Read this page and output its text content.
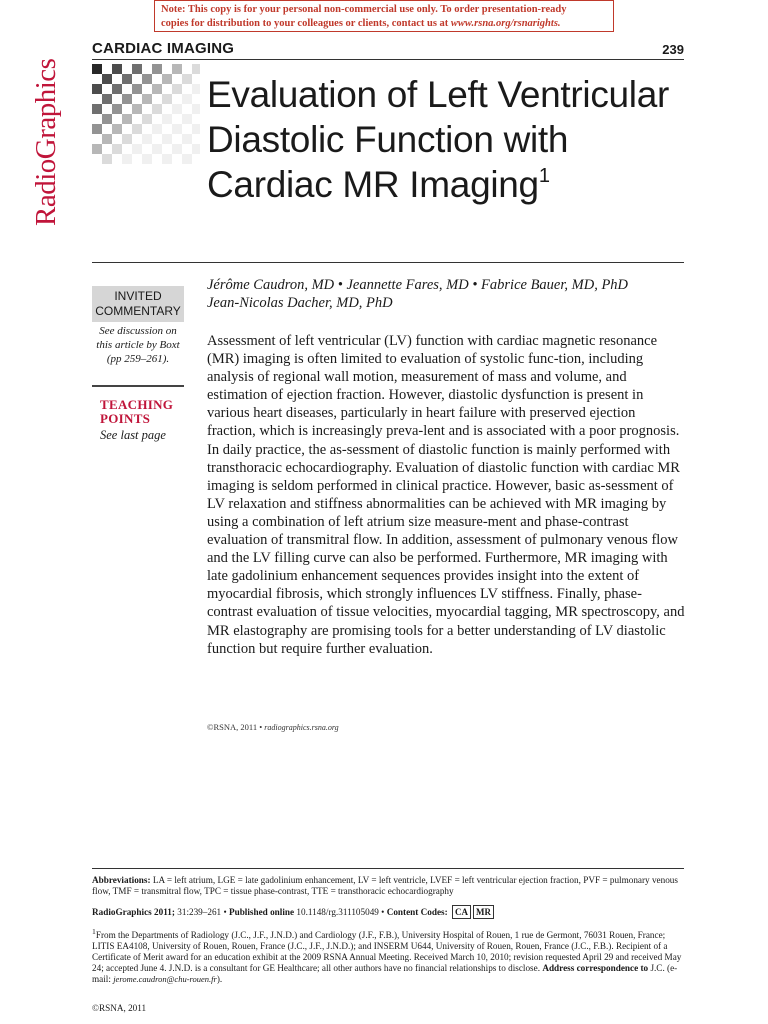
Note: This copy is for your personal non-commercial use only. To order presentation-ready
copies for distribution to your colleagues or clients, contact us at www.rsna.org/rsnarights.
RadioGraphics
CARDIAC IMAGING	239
Evaluation of Left Ventricular Diastolic Function with Cardiac MR Imaging$^1$
Jérôme Caudron, MD • Jeannette Fares, MD • Fabrice Bauer, MD, PhD
Jean-Nicolas Dacher, MD, PhD
INVITED
COMMENTARY
See discussion on this article by Boxt (pp 259–261).
TEACHING
POINTS
See last page

Assessment of left ventricular (LV) function with cardiac magnetic resonance (MR) imaging is often limited to evaluation of systolic func-tion, including analysis of regional wall motion, measurement of mass and volume, and estimation of ejection fraction. However, diastolic dysfunction is present in various heart diseases, particularly in heart failure with preserved ejection fraction, which is increasingly preva-lent and is associated with a poor prognosis. In daily practice, the as-sessment of diastolic function is mainly performed with transthoracic echocardiography. Evaluation of diastolic function with cardiac MR imaging is seldom performed in clinical practice. However, basic as-sessment of LV relaxation and stiffness abnormalities can be achieved with MR imaging by using a combination of left atrium size measure-ment and phase-contrast evaluation of transmitral flow. In addition, assessment of pulmonary venous flow and the LV filling curve can also be performed. Furthermore, MR imaging with late gadolinium enhancement sequences provides insight into the extent of myocardial fibrosis, which strongly influences LV stiffness. Finally, phase-contrast evaluation of tissue velocities, myocardial tagging, MR spectroscopy, and MR elastography are promising tools for a better understanding of LV diastolic function but require further evaluation.

©RSNA, 2011 • radiographics.rsna.org
Abbreviations: LA = left atrium, LGE = late gadolinium enhancement, LV = left ventricle, LVEF = left ventricular ejection fraction, PVF = pulmonary venous flow, TMF = transmitral flow, TPC = tissue phase-contrast, TTE = transthoracic echocardiography
RadioGraphics 2011; 31:239–261 • Published online 10.1148/rg.311105049 • Content Codes: CA MR
$^1$From the Departments of Radiology (J.C., J.F., J.N.D.) and Cardiology (J.F., F.B.), University Hospital of Rouen, 1 rue de Germont, 76031 Rouen, France; LITIS EA4108, University of Rouen, Rouen, France (J.C., J.F., J.N.D.); and INSERM U644, University of Rouen, Rouen, France (J.C., F.B.). Recipient of a Certificate of Merit award for an education exhibit at the 2009 RSNA Annual Meeting. Received March 10, 2010; revision requested April 29 and received May 24; accepted June 4. J.N.D. is a consultant for GE Healthcare; all other authors have no financial relationships to disclose. Address correspondence to J.C. (e-mail: jerome.caudron@chu-rouen.fr).
©RSNA, 2011
